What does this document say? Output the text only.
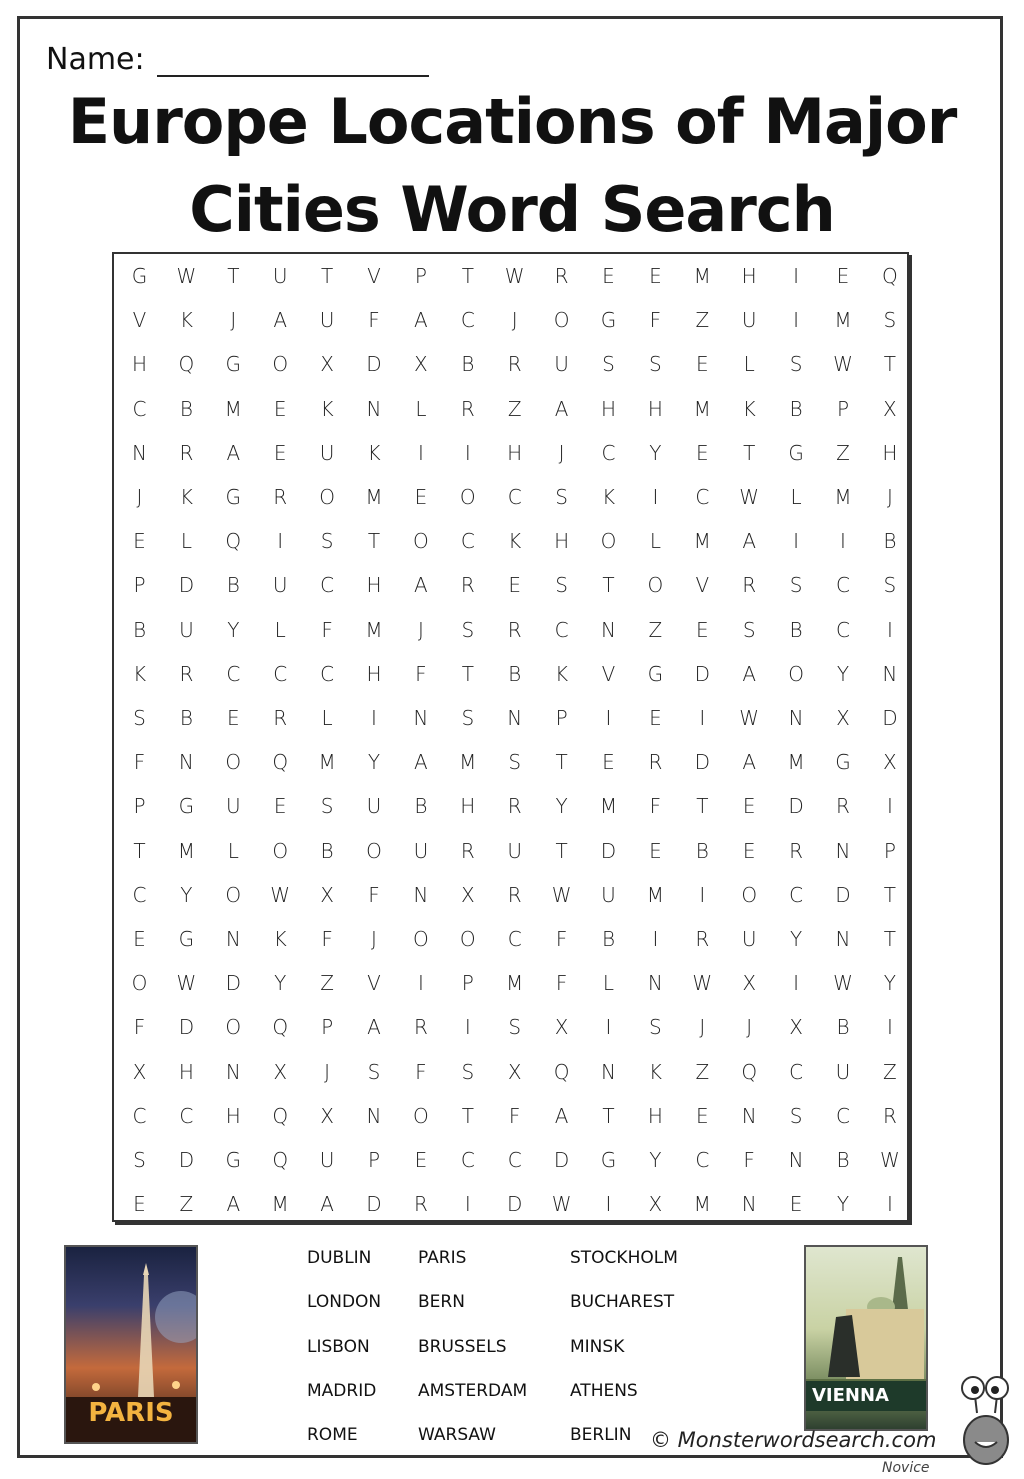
Name:
Europe Locations of Major
Cities Word Search
G	W	T	U	T	V	P	T	W	R	E	E	M	H	I	E	Q
V	K	J	A	U	F	A	C	J	O	G	F	Z	U	I	M	S
H	Q	G	O	X	D	X	B	R	U	S	S	E	L	S	W	T
C	B	M	E	K	N	L	R	Z	A	H	H	M	K	B	P	X
N	R	A	E	U	K	I	I	H	J	C	Y	E	T	G	Z	H
J	K	G	R	O	M	E	O	C	S	K	I	C	W	L	M	J
E	L	Q	I	S	T	O	C	K	H	O	L	M	A	I	I	B
P	D	B	U	C	H	A	R	E	S	T	O	V	R	S	C	S
B	U	Y	L	F	M	J	S	R	C	N	Z	E	S	B	C	I
K	R	C	C	C	H	F	T	B	K	V	G	D	A	O	Y	N
S	B	E	R	L	I	N	S	N	P	I	E	I	W	N	X	D
F	N	O	Q	M	Y	A	M	S	T	E	R	D	A	M	G	X
P	G	U	E	S	U	B	H	R	Y	M	F	T	E	D	R	I
T	M	L	O	B	O	U	R	U	T	D	E	B	E	R	N	P
C	Y	O	W	X	F	N	X	R	W	U	M	I	O	C	D	T
E	G	N	K	F	J	O	O	C	F	B	I	R	U	Y	N	T
O	W	D	Y	Z	V	I	P	M	F	L	N	W	X	I	W	Y
F	D	O	Q	P	A	R	I	S	X	I	S	J	J	X	B	I
X	H	N	X	J	S	F	S	X	Q	N	K	Z	Q	C	U	Z
C	C	H	Q	X	N	O	T	F	A	T	H	E	N	S	C	R
S	D	G	Q	U	P	E	C	C	D	G	Y	C	F	N	B	W
E	Z	A	M	A	D	R	I	D	W	I	X	M	N	E	Y	I
PARIS
VIENNA
DUBLIN
LONDON
LISBON
MADRID
ROME
PARIS
BERN
BRUSSELS
AMSTERDAM
WARSAW
STOCKHOLM
BUCHAREST
MINSK
ATHENS
BERLIN © Monsterwordsearch.com
Novice
